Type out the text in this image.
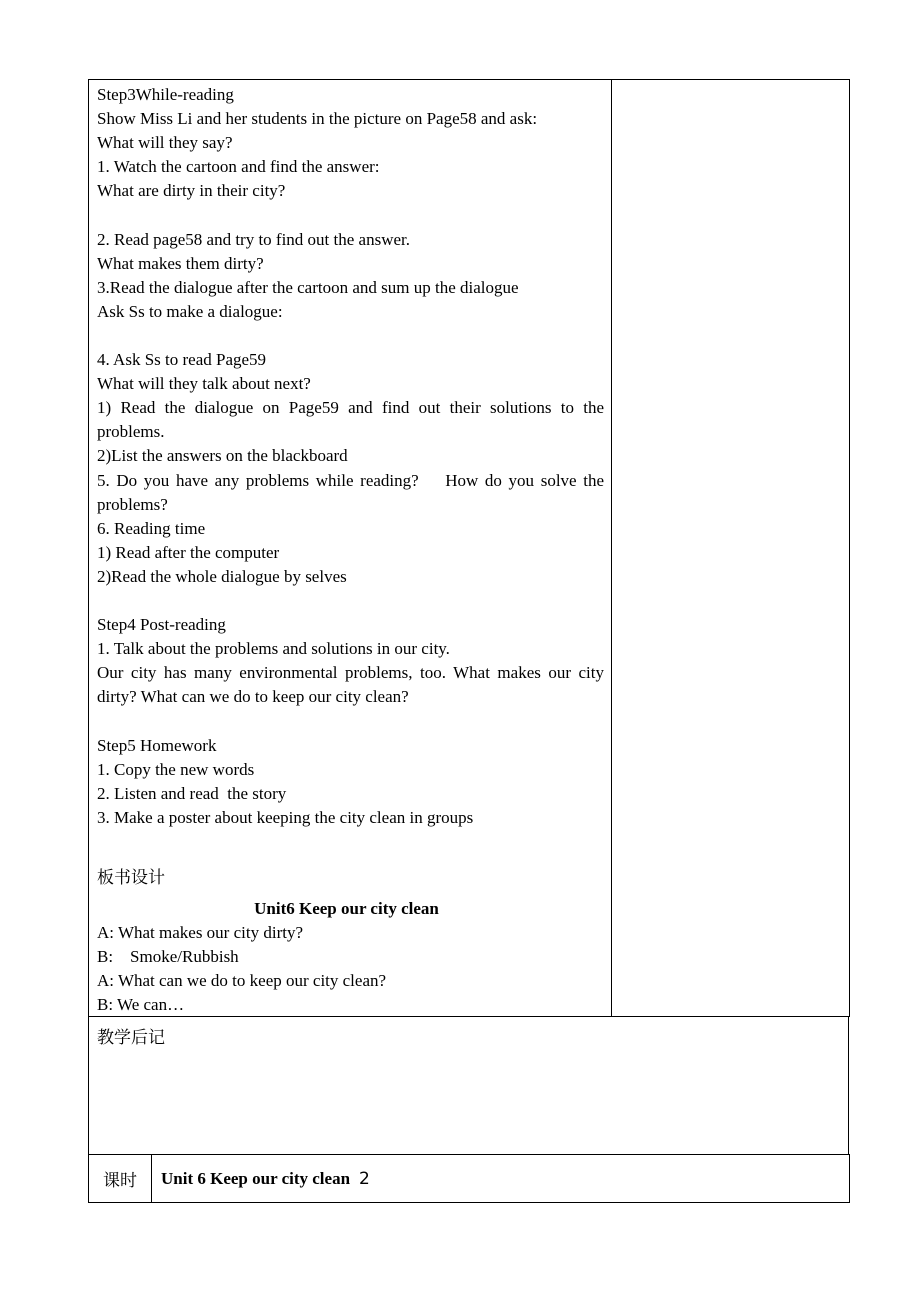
Step3While-reading
Show Miss Li and her students in the picture on Page58 and ask:
What will they say?
1. Watch the cartoon and find the answer:
What are dirty in their city?
2. Read page58 and try to find out the answer.
What makes them dirty?
3.Read the dialogue after the cartoon and sum up the dialogue
Ask Ss to make a dialogue:
4. Ask Ss to read Page59
What will they talk about next?
1) Read the dialogue on Page59 and find out their solutions to the problems.
2)List the answers on the blackboard
5. Do you have any problems while reading?    How do you solve the problems?
6. Reading time
1) Read after the computer
2)Read the whole dialogue by selves
Step4 Post-reading
1. Talk about the problems and solutions in our city.
Our city has many environmental problems, too. What makes our city dirty? What can we do to keep our city clean?
Step5 Homework
1. Copy the new words
2. Listen and read  the story
3. Make a poster about keeping the city clean in groups
板书设计
Unit6 Keep our city clean
A: What makes our city dirty?
B:    Smoke/Rubbish
A: What can we do to keep our city clean?
B: We can…
教学后记
课时 Unit 6 Keep our city clean 2
